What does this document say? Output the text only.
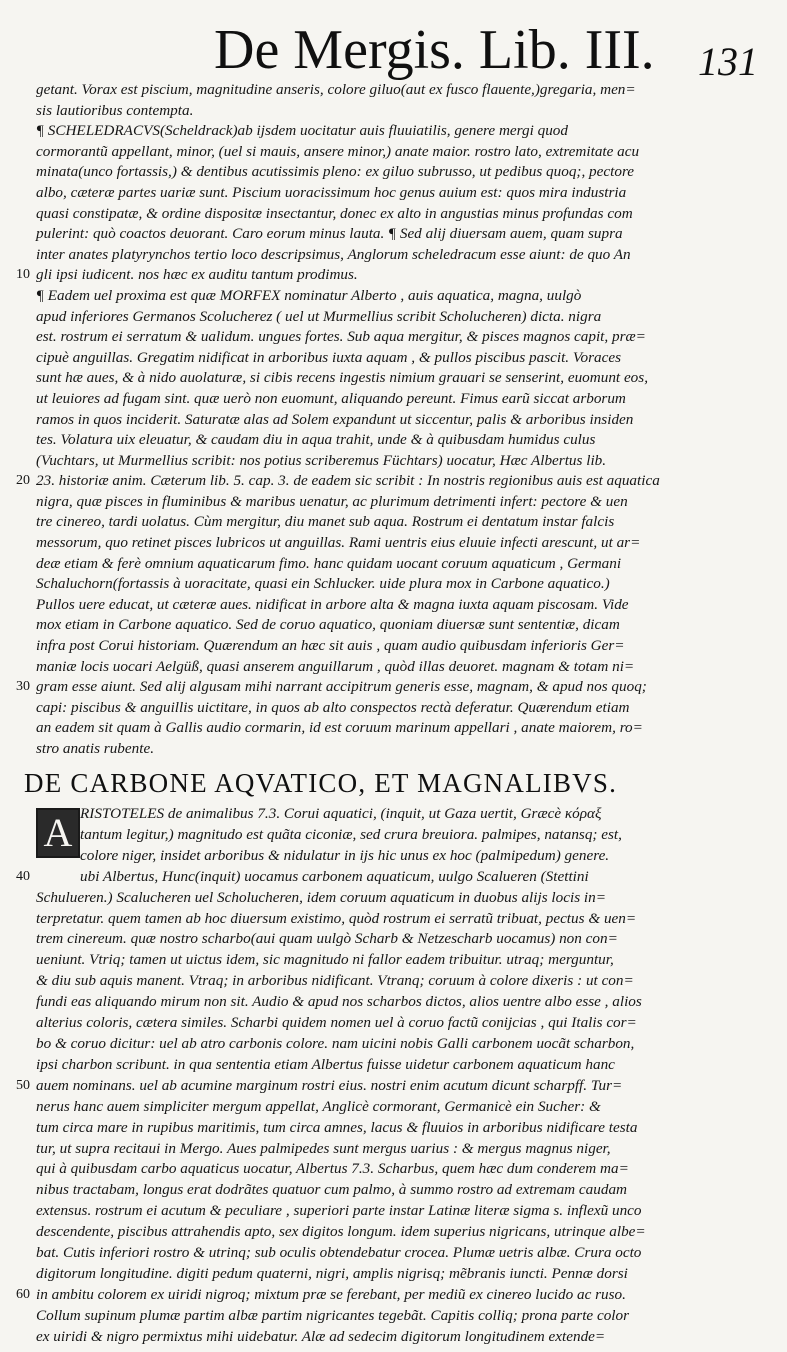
De Mergis. Lib. III. 131
getant. Vorax est piscium, magnitudine anseris, colore giluo(aut ex fusco flauente,)gregaria, men=
sis lautioribus contempta.
¶ SCHELEDRACVS(Scheldrack)ab ijsdem uocitatur auis fluuiatilis, genere mergi quod
cormorantũ appellant, minor, (uel si mauis, ansere minor,) anate maior. rostro lato, extremitate acu
minata(unco fortassis,) & dentibus acutissimis pleno: ex giluo subrusso, ut pedibus quoq;, pectore
albo, cæteræ partes uariæ sunt. Piscium uoracissimum hoc genus auium est: quos mira industria
quasi constipatæ, & ordine dispositæ insectantur, donec ex alto in angustias minus profundas com
pulerint: quò coactos deuorant. Caro eorum minus lauta. ¶ Sed alij diuersam auem, quam supra
inter anates platyrynchos tertio loco descripsimus, Anglorum scheledracum esse aiunt: de quo An
10 gli ipsi iudicent. nos hæc ex auditu tantum prodimus.
¶ Eadem uel proxima est quæ MORFEX nominatur Alberto , auis aquatica, magna, uulgò
apud inferiores Germanos Scolucherez ( uel ut Murmellius scribit Scholucheren) dicta. nigra
est. rostrum ei serratum & ualidum. ungues fortes. Sub aqua mergitur, & pisces magnos capit, præ=
cipuè anguillas. Gregatim nidificat in arboribus iuxta aquam , & pullos piscibus pascit. Voraces
sunt hæ aues, & à nido auolaturæ, si cibis recens ingestis nimium grauari se senserint, euomunt eos,
ut leuiores ad fugam sint. quæ uerò non euomunt, aliquando pereunt. Fimus earũ siccat arborum
ramos in quos inciderit. Saturatæ alas ad Solem expandunt ut siccentur, palis & arboribus insiden
tes. Volatura uix eleuatur, & caudam diu in aqua trahit, unde & à quibusdam humidus culus
(Vuchtars, ut Murmellius scribit: nos potius scriberemus Füchtars) uocatur, Hæc Albertus lib.
20 23. historiæ anim. Cæterum lib. 5. cap. 3. de eadem sic scribit : In nostris regionibus auis est aquatica
nigra, quæ pisces in fluminibus & maribus uenatur, ac plurimum detrimenti infert: pectore & uen
tre cinereo, tardi uolatus. Cùm mergitur, diu manet sub aqua. Rostrum ei dentatum instar falcis
messorum, quo retinet pisces lubricos ut anguillas. Rami uentris eius eluuie infecti arescunt, ut ar=
deæ etiam & ferè omnium aquaticarum fimo. hanc quidam uocant coruum aquaticum , Germani
Schaluchorn(fortassis à uoracitate, quasi ein Schlucker. uide plura mox in Carbone aquatico.)
Pullos uere educat, ut cæteræ aues. nidificat in arbore alta & magna iuxta aquam piscosam. Vide
mox etiam in Carbone aquatico. Sed de coruo aquatico, quoniam diuersæ sunt sententiæ, dicam
infra post Corui historiam. Quærendum an hæc sit auis , quam audio quibusdam inferioris Ger=
maniæ locis uocari Aelgüß, quasi anserem anguillarum , quòd illas deuoret. magnam & totam ni=
30 gram esse aiunt. Sed alij algusam mihi narrant accipitrum generis esse, magnam, & apud nos quoq;
capi: piscibus & anguillis uictitare, in quos ab alto conspectos rectà deferatur. Quærendum etiam
an eadem sit quam à Gallis audio cormarin, id est coruum marinum appellari , anate maiorem, ro=
stro anatis rubente.
DE CARBONE AQVATICO, ET MAGNALIBVS.
A RISTOTELES de animalibus 7.3. Corui aquatici, (inquit, ut Gaza uertit, Græcè κόραξ
tantum legitur,) magnitudo est quãta ciconiæ, sed crura breuiora. palmipes, natansq; est,
colore niger, insidet arboribus & nidulatur in ijs hic unus ex hoc (palmipedum) genere.
40	ubi Albertus, Hunc(inquit) uocamus carbonem aquaticum, uulgo Scalueren (Stettini
Schulueren.) Scalucheren uel Scholucheren, idem coruum aquaticum in duobus alijs locis in=
terpretatur. quem tamen ab hoc diuersum existimo, quòd rostrum ei serratũ tribuat, pectus & uen=
trem cinereum. quæ nostro scharbo(aui quam uulgò Scharb & Netzescharb uocamus) non con=
ueniunt. Vtriq; tamen ut uictus idem, sic magnitudo ni fallor eadem tribuitur. utraq; merguntur,
& diu sub aquis manent. Vtraq; in arboribus nidificant. Vtranq; coruum à colore dixeris : ut con=
fundi eas aliquando mirum non sit. Audio & apud nos scharbos dictos, alios uentre albo esse , alios
alterius coloris, cætera similes. Scharbi quidem nomen uel à coruo factũ conijcias , qui Italis cor=
bo & coruo dicitur: uel ab atro carbonis colore. nam uicini nobis Galli carbonem uocãt scharbon,
ipsi charbon scribunt. in qua sententia etiam Albertus fuisse uidetur carbonem aquaticum hanc
50 auem nominans. uel ab acumine marginum rostri eius. nostri enim acutum dicunt scharpff. Tur=
nerus hanc auem simpliciter mergum appellat, Anglicè cormorant, Germanicè ein Sucher: &
tum circa mare in rupibus maritimis, tum circa amnes, lacus & fluuios in arboribus nidificare testa
tur, ut supra recitaui in Mergo. Aues palmipedes sunt mergus uarius : & mergus magnus niger,
qui à quibusdam carbo aquaticus uocatur, Albertus 7.3. Scharbus, quem hæc dum conderem ma=
nibus tractabam, longus erat dodrãtes quatuor cum palmo, à summo rostro ad extremam caudam
extensus. rostrum ei acutum & peculiare , superiori parte instar Latinæ literæ sigma s. inflexũ unco
descendente, piscibus attrahendis apto, sex digitos longum. idem superius nigricans, utrinque albe=
bat. Cutis inferiori rostro & utrinq; sub oculis obtendebatur crocea. Plumæ uetris albæ. Crura octo
digitorum longitudine. digiti pedum quaterni, nigri, amplis nigrisq; mẽbranis iuncti. Pennæ dorsi
60 in ambitu colorem ex uiridi nigroq; mixtum præ se ferebant, per mediũ ex cinereo lucido ac ruso.
Collum supinum plumæ partim albæ partim nigricantes tegebãt. Capitis colliq; prona parte color
ex uiridi & nigro permixtus mihi uidebatur. Alæ ad sedecim digitorum longitudinem extende=
